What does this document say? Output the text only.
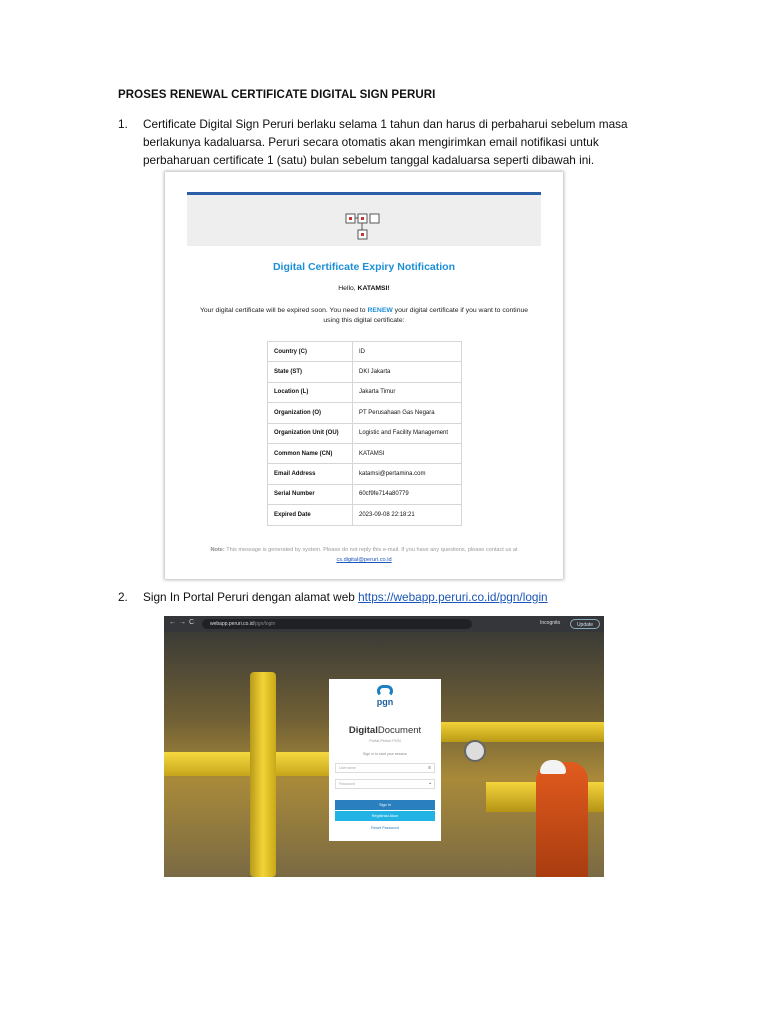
PROSES RENEWAL CERTIFICATE DIGITAL SIGN PERURI
1. Certificate Digital Sign Peruri berlaku selama 1 tahun dan harus di perbaharui sebelum masa berlakunya kadaluarsa. Peruri secara otomatis akan mengirimkan email notifikasi untuk perbaharuan certificate 1 (satu) bulan sebelum tanggal kadaluarsa seperti dibawah ini.
Digital Certificate Expiry Notification
Hello, KATAMSI!
Your digital certificate will be expired soon. You need to RENEW your digital certificate if you want to continue using this digital certificate:
Country (C)	ID
State (ST)	DKI Jakarta
Location (L)	Jakarta Timur
Organization (O)	PT Perusahaan Gas Negara
Organization Unit (OU)	Logistic and Facility Management
Common Name (CN)	KATAMSI
Email Address	katamsi@pertamina.com
Serial Number	60cf9fe714a80779
Expired Date	2023-09-08 22:18:21
Note: This message is generated by system. Please do not reply this e-mail. If you have any questions, please contact us at cs.digital@peruri.co.id
2. Sign In Portal Peruri dengan alamat web https://webapp.peruri.co.id/pgn/login
← → C	webapp.peruri.co.id/pgn/login	Incognito	Update
pgn
DigitalDocument
Portal Perluri PGN
Sign in to start your session
Username	≡
Password	▪
Sign In
Registrasi Akun
Reset Password
